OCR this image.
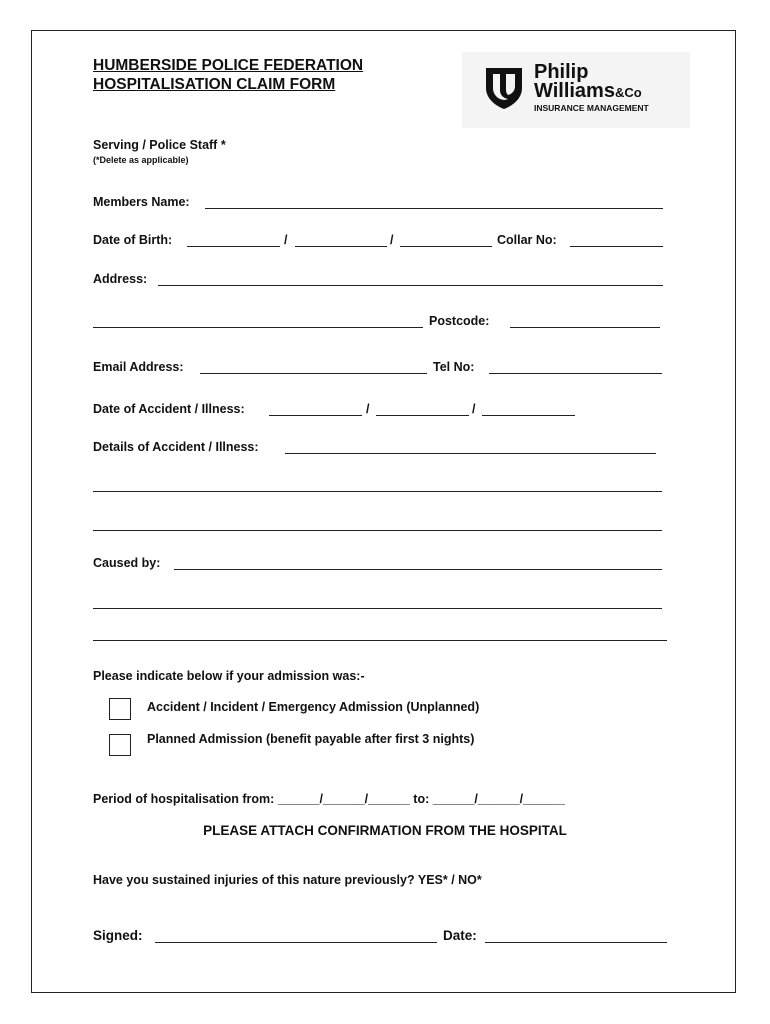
HUMBERSIDE POLICE FEDERATION
HOSPITALISATION CLAIM FORM
Philip
Williams&Co
INSURANCE MANAGEMENT
Serving / Police Staff *
(*Delete as applicable)
Members Name:
Date of Birth:	/	/	Collar No:
Address:
Postcode:
Email Address:	Tel No:
Date of Accident / Illness:	/	/
Details of Accident / Illness:
Caused by:
Please indicate below if your admission was:-
Accident / Incident / Emergency Admission (Unplanned)
Planned Admission (benefit payable after first 3 nights)
Period of hospitalisation from: ______/______/______ to: ______/______/______
PLEASE ATTACH CONFIRMATION FROM THE HOSPITAL
Have you sustained injuries of this nature previously? YES* / NO*
Signed:	Date:
